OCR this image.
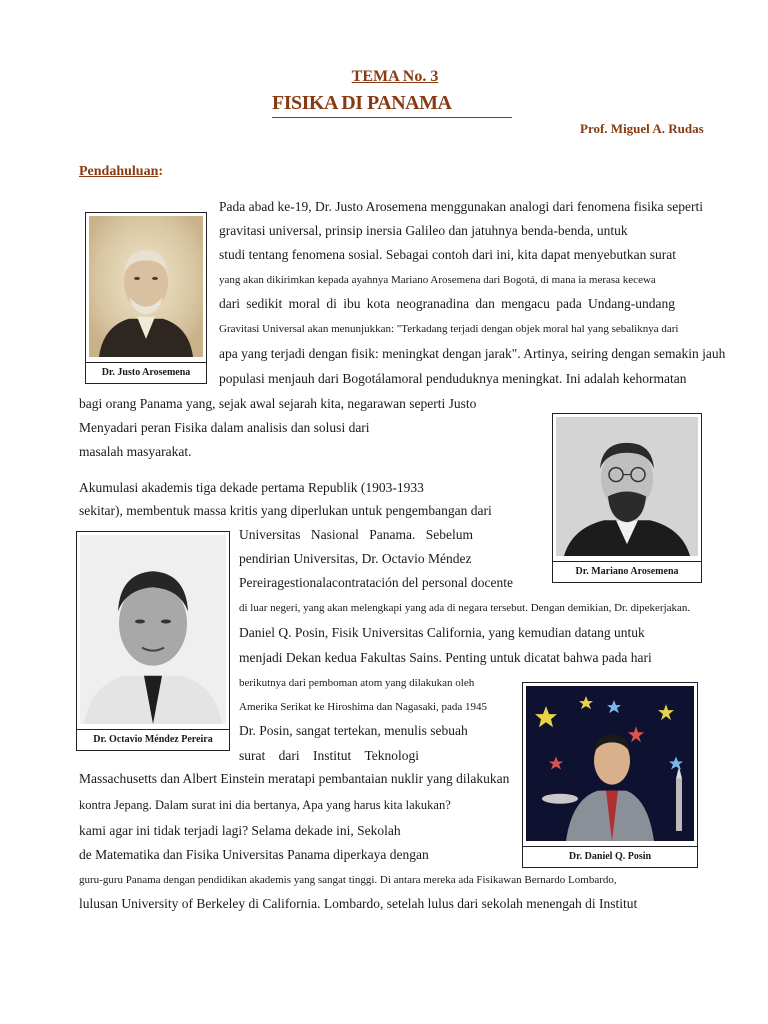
TEMA No. 3
FISIKA DI PANAMA
Prof. Miguel A. Rudas
Pendahuluan:
Pada abad ke-19, Dr. Justo Arosemena menggunakan analogi dari fenomena fisika seperti
gravitasi universal, prinsip inersia Galileo dan jatuhnya benda-benda, untuk
studi tentang fenomena sosial. Sebagai contoh dari ini, kita dapat menyebutkan surat
yang akan dikirimkan kepada ayahnya Mariano Arosemena dari Bogotá, di mana ia merasa kecewa
dari sedikit moral di ibu kota neogranadina dan mengacu pada Undang-undang
Gravitasi Universal akan menunjukkan: "Terkadang terjadi dengan objek moral hal yang sebaliknya dari
apa yang terjadi dengan fisik: meningkat dengan jarak". Artinya, seiring dengan semakin jauh
populasi menjauh dari Bogotálamoral penduduknya meningkat. Ini adalah kehormatan
bagi orang Panama yang, sejak awal sejarah kita, negarawan seperti Justo
Menyadari peran Fisika dalam analisis dan solusi dari
masalah masyarakat.
Akumulasi akademis tiga dekade pertama Republik (1903-1933
sekitar), membentuk massa kritis yang diperlukan untuk pengembangan dari
Universitas Nasional Panama. Sebelum
pendirian Universitas, Dr. Octavio Méndez
Pereiragestionalacontratación del personal docente
di luar negeri, yang akan melengkapi yang ada di negara tersebut. Dengan demikian, Dr. dipekerjakan.
Daniel Q. Posin, Fisik Universitas California, yang kemudian datang untuk
menjadi Dekan kedua Fakultas Sains. Penting untuk dicatat bahwa pada hari
berikutnya dari pemboman atom yang dilakukan oleh
Amerika Serikat ke Hiroshima dan Nagasaki, pada 1945
Dr. Posin, sangat tertekan, menulis sebuah
surat dari Institut Teknologi
Massachusetts dan Albert Einstein meratapi pembantaian nuklir yang dilakukan
kontra Jepang. Dalam surat ini dia bertanya, Apa yang harus kita lakukan?
kami agar ini tidak terjadi lagi? Selama dekade ini, Sekolah
de Matematika dan Fisika Universitas Panama diperkaya dengan
guru-guru Panama dengan pendidikan akademis yang sangat tinggi. Di antara mereka ada Fisikawan Bernardo Lombardo,
lulusan University of Berkeley di California. Lombardo, setelah lulus dari sekolah menengah di Institut
Dr. Justo Arosemena
Dr. Mariano Arosemena
Dr. Octavio Méndez Pereira
Dr. Daniel Q. Posin
